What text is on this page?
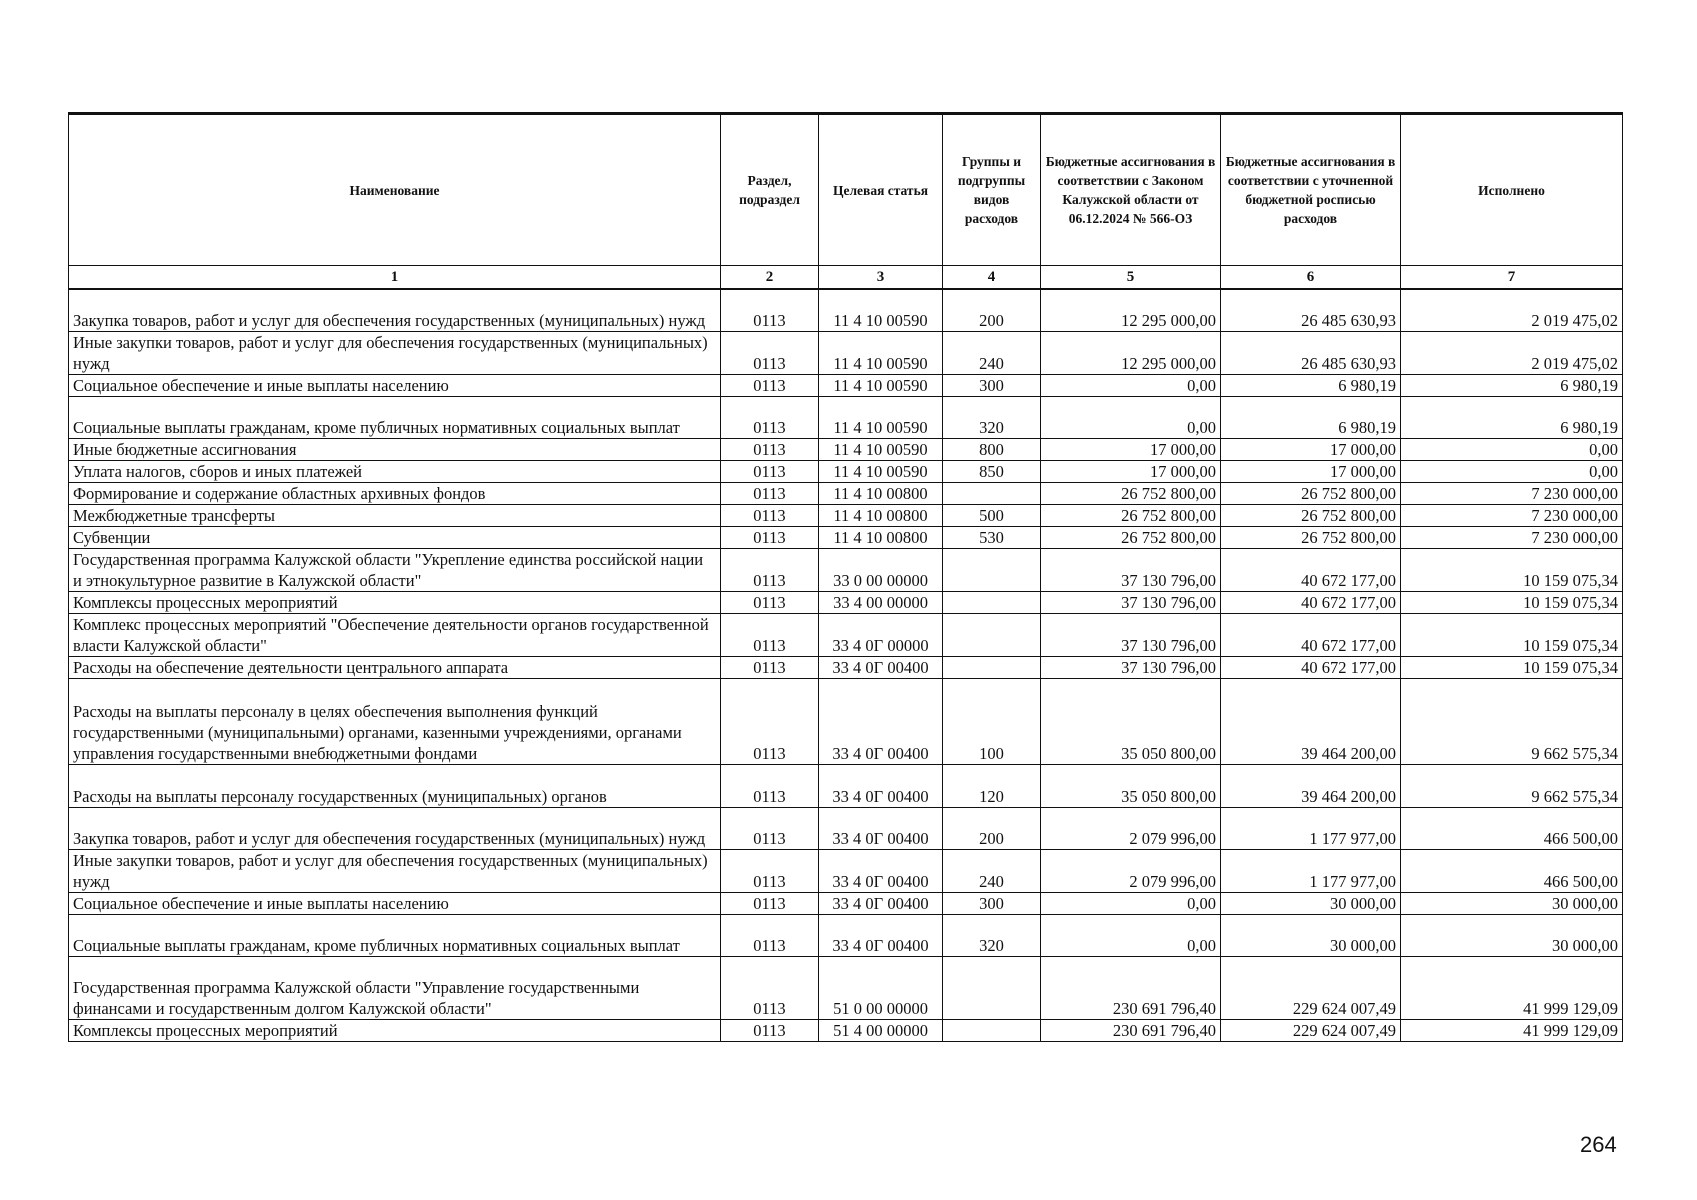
Наименование	Раздел, подраздел	Целевая статья	Группы и подгруппы видов расходов	Бюджетные ассигнования в соответствии с Законом Калужской области от 06.12.2024 № 566-ОЗ	Бюджетные ассигнования в соответствии с уточненной бюджетной росписью расходов	Исполнено
1	2	3	4	5	6	7
Закупка товаров, работ и услуг для обеспечения государственных (муниципальных) нужд	0113	11 4 10 00590	200	12 295 000,00	26 485 630,93	2 019 475,02
Иные закупки товаров, работ и услуг для обеспечения государственных (муниципальных) нужд	0113	11 4 10 00590	240	12 295 000,00	26 485 630,93	2 019 475,02
Социальное обеспечение и иные выплаты населению	0113	11 4 10 00590	300	0,00	6 980,19	6 980,19
Социальные выплаты гражданам, кроме публичных нормативных социальных выплат	0113	11 4 10 00590	320	0,00	6 980,19	6 980,19
Иные бюджетные ассигнования	0113	11 4 10 00590	800	17 000,00	17 000,00	0,00
Уплата налогов, сборов и иных платежей	0113	11 4 10 00590	850	17 000,00	17 000,00	0,00
Формирование и содержание областных архивных фондов	0113	11 4 10 00800		26 752 800,00	26 752 800,00	7 230 000,00
Межбюджетные трансферты	0113	11 4 10 00800	500	26 752 800,00	26 752 800,00	7 230 000,00
Субвенции	0113	11 4 10 00800	530	26 752 800,00	26 752 800,00	7 230 000,00
Государственная программа Калужской области "Укрепление единства российской нации и этнокультурное развитие в Калужской области"	0113	33 0 00 00000		37 130 796,00	40 672 177,00	10 159 075,34
Комплексы процессных мероприятий	0113	33 4 00 00000		37 130 796,00	40 672 177,00	10 159 075,34
Комплекс процессных мероприятий "Обеспечение деятельности органов государственной власти Калужской области"	0113	33 4 0Г 00000		37 130 796,00	40 672 177,00	10 159 075,34
Расходы на обеспечение деятельности центрального аппарата	0113	33 4 0Г 00400		37 130 796,00	40 672 177,00	10 159 075,34
Расходы на выплаты персоналу в целях обеспечения выполнения функций государственными (муниципальными) органами, казенными учреждениями, органами управления государственными внебюджетными фондами	0113	33 4 0Г 00400	100	35 050 800,00	39 464 200,00	9 662 575,34
Расходы на выплаты персоналу государственных (муниципальных) органов	0113	33 4 0Г 00400	120	35 050 800,00	39 464 200,00	9 662 575,34
Закупка товаров, работ и услуг для обеспечения государственных (муниципальных) нужд	0113	33 4 0Г 00400	200	2 079 996,00	1 177 977,00	466 500,00
Иные закупки товаров, работ и услуг для обеспечения государственных (муниципальных) нужд	0113	33 4 0Г 00400	240	2 079 996,00	1 177 977,00	466 500,00
Социальное обеспечение и иные выплаты населению	0113	33 4 0Г 00400	300	0,00	30 000,00	30 000,00
Социальные выплаты гражданам, кроме публичных нормативных социальных выплат	0113	33 4 0Г 00400	320	0,00	30 000,00	30 000,00
Государственная программа Калужской области "Управление государственными финансами и государственным долгом Калужской области"	0113	51 0 00 00000		230 691 796,40	229 624 007,49	41 999 129,09
Комплексы процессных мероприятий	0113	51 4 00 00000		230 691 796,40	229 624 007,49	41 999 129,09
264
